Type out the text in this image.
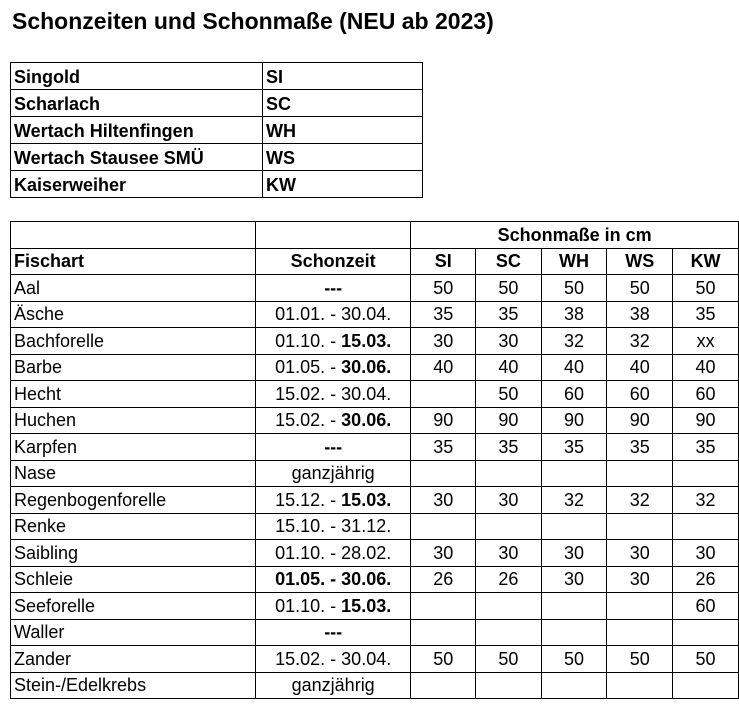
Schonzeiten und Schonmaße (NEU ab 2023)
Singold	SI
Scharlach	SC
Wertach Hiltenfingen	WH
Wertach Stausee SMÜ	WS
Kaiserweiher	KW
		Schonmaße in cm				
Fischart	Schonzeit	SI	SC	WH	WS	KW
Aal	---	50	50	50	50	50
Äsche	01.01. - 30.04.	35	35	38	38	35
Bachforelle	01.10. - 15.03.	30	30	32	32	xx
Barbe	01.05. - 30.06.	40	40	40	40	40
Hecht	15.02. - 30.04.		50	60	60	60
Huchen	15.02. - 30.06.	90	90	90	90	90
Karpfen	---	35	35	35	35	35
Nase	ganzjährig					
Regenbogenforelle	15.12. - 15.03.	30	30	32	32	32
Renke	15.10. - 31.12.					
Saibling	01.10. - 28.02.	30	30	30	30	30
Schleie	01.05. - 30.06.	26	26	30	30	26
Seeforelle	01.10. - 15.03.					60
Waller	---					
Zander	15.02. - 30.04.	50	50	50	50	50
Stein-/Edelkrebs	ganzjährig					
